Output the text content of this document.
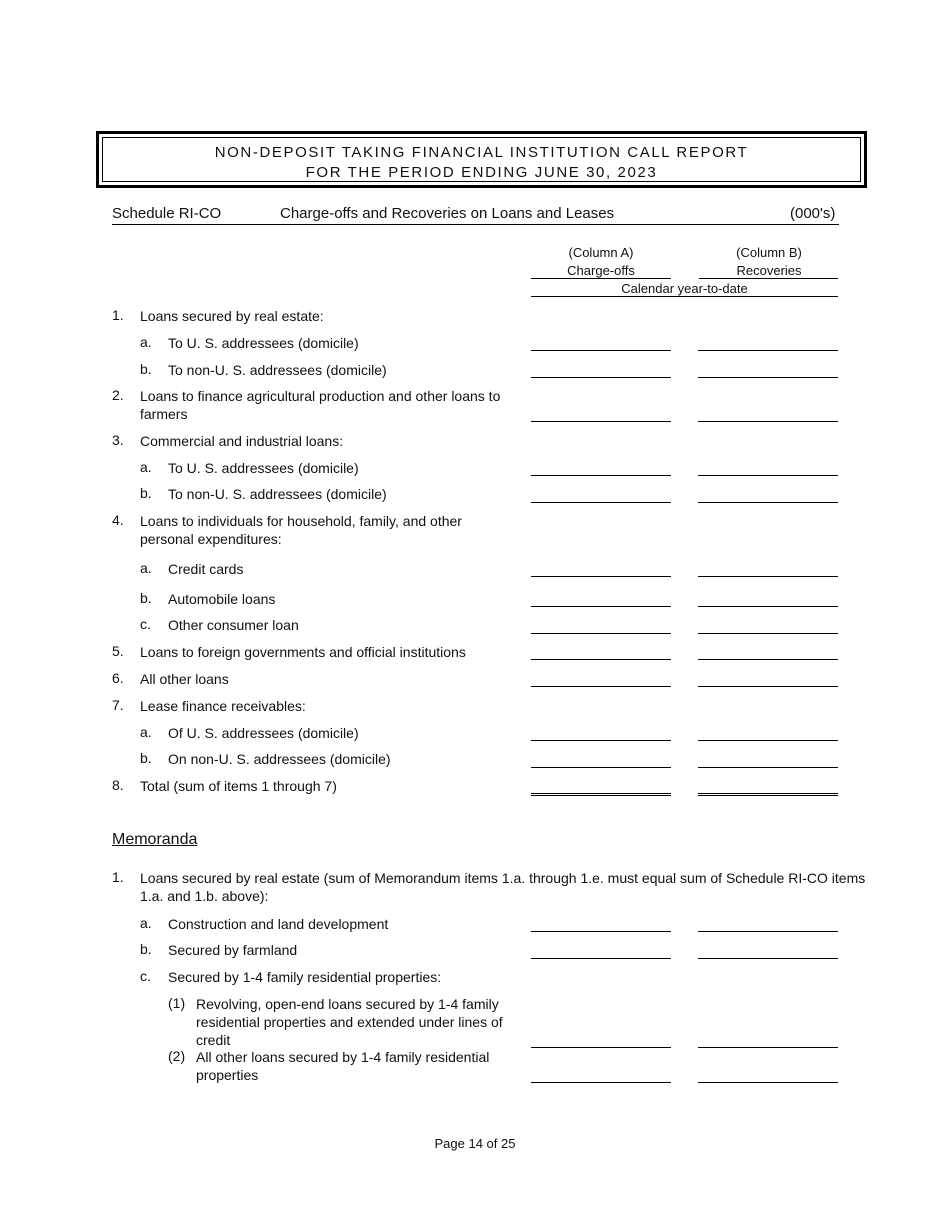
NON-DEPOSIT TAKING FINANCIAL INSTITUTION CALL REPORT
FOR THE PERIOD ENDING JUNE 30, 2023
Schedule RI-CO	Charge-offs and Recoveries on Loans and Leases	(000's)
(Column A)
Charge-offs
(Column B)
Recoveries
Calendar year-to-date
1. Loans secured by real estate:
a. To U. S. addressees (domicile)
b. To non-U. S. addressees (domicile)
2. Loans to finance agricultural production and other loans to
farmers
3. Commercial and industrial loans:
a. To U. S. addressees (domicile)
b. To non-U. S. addressees (domicile)
4. Loans to individuals for household, family, and other
personal expenditures:
a. Credit cards
b. Automobile loans
c. Other consumer loan
5. Loans to foreign governments and official institutions
6. All other loans
7. Lease finance receivables:
a. Of U. S. addressees (domicile)
b. On non-U. S. addressees (domicile)
8. Total (sum of items 1 through 7)
Memoranda
1. Loans secured by real estate (sum of Memorandum items 1.a. through 1.e. must equal sum of Schedule RI-CO items
1.a. and 1.b. above):
a. Construction and land development
b. Secured by farmland
c. Secured by 1-4 family residential properties:
(1) Revolving, open-end loans secured by 1-4 family
residential properties and extended under lines of
credit
(2) All other loans secured by 1-4 family residential
properties
Page 14 of 25
